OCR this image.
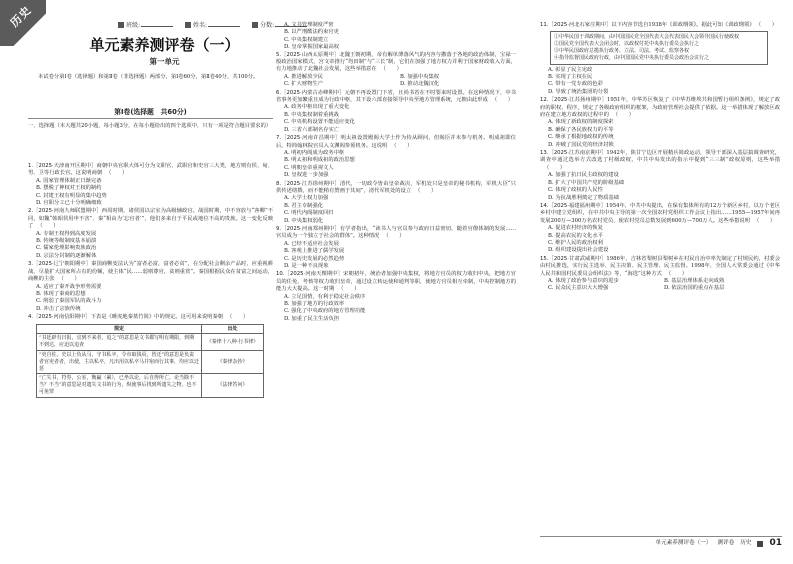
历史	班级:	姓名:	分数:
单元素养测评卷（一）
第一单元
本试卷分第Ⅰ卷（选择题）和第Ⅱ卷（非选择题）两部分，第Ⅰ卷60分，第Ⅱ卷40分，共100分。
第Ⅰ卷(选择题　共60分)
一、选择题（本大题共20小题，每小题3分，在每小题给出的四个选项中，只有一项是符合题目要求的）
1.［2025·天津南开区期中］商朝中央官职大体可分为文职官、武职官和史官三大类，地方则有侯、甸、男、卫等行政长官。这说明商朝 （　　）
A. 国家管理体制正日渐完备
B. 摆脱了神权对王权的制约
C. 封建王权有明显的集中趋势
D. 官职分工已十分明确细致
2.［2025·河南九师联盟期中］西周时期，诸侯国以宗室为高级辅政官。战国时期，中不容放与“客卿”不同，如魏“韩昭侯用申不害”、秦“相由为‘忘官者’”，他们多来自于平民或地位不高的贵族。这一变化反映了 （　　）
A. 专制王权得到高度发展
B. 传统等级制度基本崩溃
C. 儒家伦理影响贵族政治
D. 宗法分封制的逐渐解体
3.［2025·辽宁朝阳期中］秦国商鞅变法认为“富者必富，富者必贫”，在分配社会剩余产品时，应重视耕战，尽量扩大国家所占有的份额，使主体“民……弱则尊官，贫则重赏”。秦国根据民众在贫富之间运动，商鞅的主张 （　　）
A. 适应了秦开战争形势需要
B. 体现了秦商的思想
C. 削弱了秦国军队的战斗力
D. 冲击了宗族传统
4.［2025·河南信阳期中］下表是《睡虎地秦墓竹简》中的规定。这可用来说明秦朝 （　　）
规定	出处
“书廷辟有曰报，宜到不来者，追之”的意思是文书都写明有期限，到期不到达，应迫以追查	《秦律十八种·行书律》
“吏自佐、史以上负从马，守书私卒，令市取钱焉，皆迁”的意思是负责者官吏者者，出使，主以私卒，凡出用以私卒马并宿而行其事，均应以迁惩	《秦律杂抄》
“亡失书，符券，公室，衡赢（累），已坐以论，后自得所亡，论当除不当？不当”的意思是对遗失文书的行为，纵使事后找到所遗失之物，也不可免罪	《法律答问》
A. 文书管理制度严密
B. 以严刑酷法约束官吏
C. 中央集权制建立
D. 皇帝掌握国家最高权
5.［2025·山西太原期中］北魏王朝初期，帝有解单薄落风气的内容与撒落于各地的政治体制，宝禄一般政治国家模式，宫文帝推行“均田制”与“三长”制，它们在加强了地方权力并利于国家财政收入方面，有力地推动了北魏社会发展，这些举措意在 （　　）
A. 推进解放少民	B. 加强中央集权
C. 扩大财物生产	D. 推动北魏汉化
6.［2025·内蒙古赤峰期中］元朝不再设置门下省，且尚书省在不时要来时设置。在这种情况下，中书省事务更加繁重且成为行政中枢，其下设六部直接领导中央至地方管理系统，元朝由此形成 （　　）
A. 政务中枢出现了重大变化
B. 中央集权制着重挑战
C. 中央机构设置不能适应变化
D. 三省六部制名存实亡
7.［2025·河南许昌期中］明太祖设置殿阁大学士作为侍从顾问，但阁臣并未参与机务。明成祖即位后，特简翰林院官员入文渊阁参预机务。这说明 （　　）
A. 明初内阁成为政务中枢
B. 明太祖和明成祖的政治思想
C. 明朝皇帝重视文人
D. 皇权进一步加强
8.［2025·江苏徐州期中］清代，一切政令皆由皇帝裁决，军机处只是皇帝的秘书机构，军机大臣“只供传述缮撰，而不能稍有赞画于其间”，清代军机处的设立 （　　）
A. 大学士权力加强
B. 君主专制强化
C. 明代内阁制度回归
D. 中央集权弱化
9.［2025·河南郑州期中］有学者指出，“读书人与官员参与政府日益密切，随着官僚体制的发展……官员成为一个独立于社会的群体”。这种情况 （　　）
A. 已经不适应社会发展
B. 客观上推进了儒学发展
C. 是历史发展的必然趋势
D. 是一种不良现象
10.［2025·河南天棵期中］宋朝初年，统治者加强中央集权，将地方官员的权力收归中央，把地方官员的任免、考核等权力收归皇帝，通过设立转运使和通判等职，使地方官员相互牵制，中央控制地方的能力大大提高。这一时期 （　　）
A. 立足国情，有利于稳定社会秩序
B. 加强了地方的行政效率
C. 强化了中央政府的地方管理功能
D. 加重了民主生活负担
11.［2025·河北石家庄期中］以下内容节选自1938年《训政纲领》。据此可知《训政纲领》 （　　）
①中华民国于训政期间，由中国国民党全国代表大会代表国民大会领导国民行使政权
②国民党全国代表大会闭会时，以政权付托中央执行委员会执行之
③中华民国政府总揽执行政务、立法、司法、考试、监察各权
④指导监督国民政府行政，由中国国民党中央执行委员会政治会议行之
A. 彰显了民主宪政
B. 实现了主权在民
C. 带有一党专政的色彩
D. 导致了统治集团的分裂
12.［2025·江苏扬州期中］1951年，中华苏区恢复了《中华苏维埃共和国暂行组织条例》，规定了政府的职权、程序，规定了各级政府组织的框架，为政府管理社会提供了依据。这一举措体现了解放区政府在建立地方政权的过程中的 （　　）
A. 体现了新政权的制度探索
B. 确保了各民族权力的平等
C. 继承了根据地政权的传统
D. 冲破了国民党的经济封锁
13.［2025·江苏南京期中］1942年，陕甘宁边区开展精兵简政运动，领导干部深入基层搞调查研究，调查中通过选举方式改选了村级政权，中共中央发出的指示中提到“三三制”政权原则，这些举措（　　）
A. 加强了抗日民主政权的建设
B. 扩大了中国共产党的阶级基础
C. 体现了政权的人民性
D. 为抗战胜利奠定了物质基础
14.［2025·福建福州期中］1954年，中共中央提出，在保有集体所有的12万个新区乡村，以万个老区乡村中建立党组织，在中共中央主导的第一次全国农村党组织工作会议上指出……1955—1957年间再发展200万—300万名农村党员，使农村党员总数发展到600万—700万人。这些举措说明 （　　）
A. 促进农村经济的恢复
B. 提高农民的文化水平
C. 维护人民的政治权利
D. 组织建设提出社会建设
15.［2025·甘肃武威期中］1986年，吉林省梨树县梨树乡在村民自治中率先制定了村规民约，村委会由村民推选，实行民主选举、民主决策、民主管理、民主监督。1998年，全国人大常委会通过《中华人民共和国村民委员会组织法》等，“海选”这种方式 （　　）
A. 体现了政治参与意识的进步	B. 基层治理体系走向成熟
C. 民众民主意识大大增强	D. 依法治国的重点在基层
单元素养测评卷（一） 测评卷 历史 01
